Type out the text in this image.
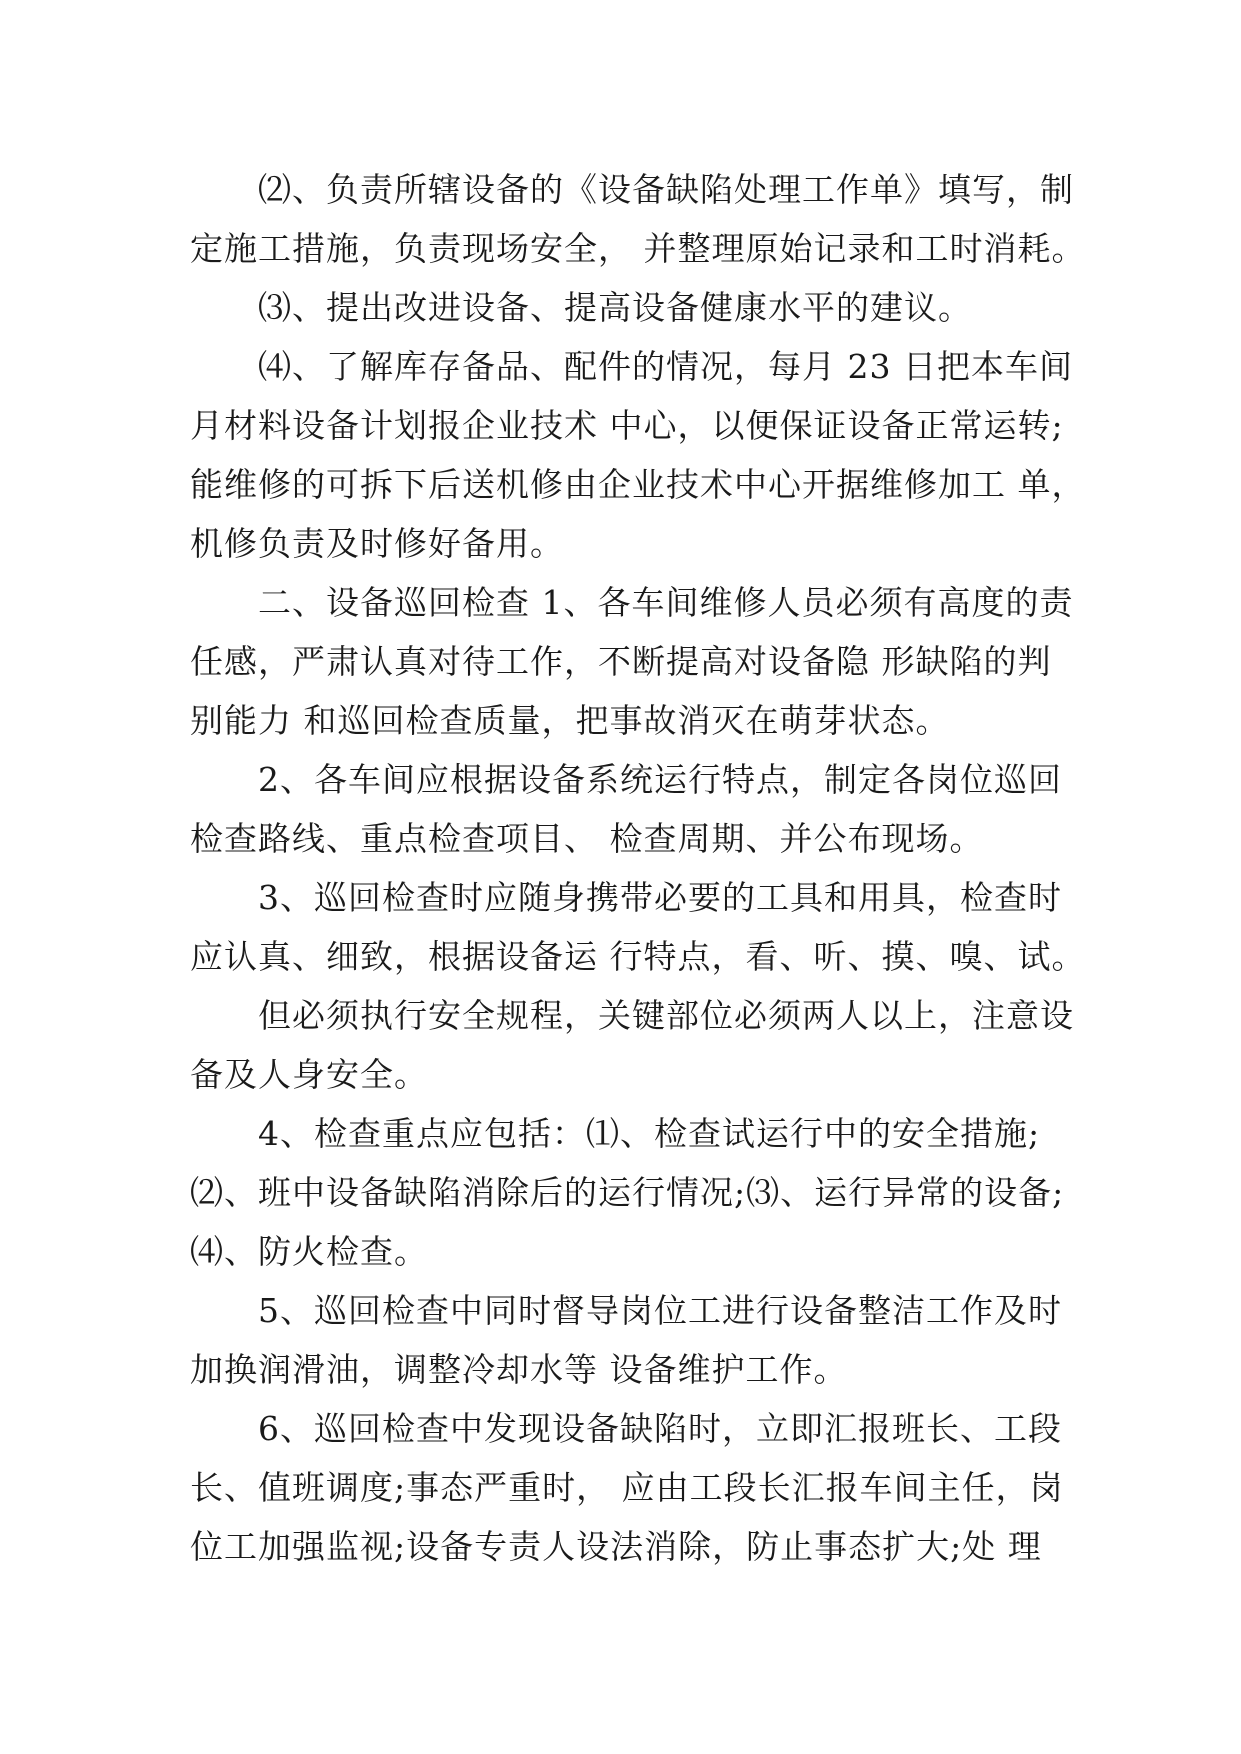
　　⑵、负责所辖设备的《设备缺陷处理工作单》填写，制
定施工措施，负责现场安全， 并整理原始记录和工时消耗。

　　⑶、提出改进设备、提高设备健康水平的建议。

　　⑷、了解库存备品、配件的情况，每月 23 日把本车间
月材料设备计划报企业技术 中心，以便保证设备正常运转;
能维修的可拆下后送机修由企业技术中心开据维修加工 单，
机修负责及时修好备用。

　　二、设备巡回检查 1、各车间维修人员必须有高度的责
任感，严肃认真对待工作，不断提高对设备隐 形缺陷的判
别能力 和巡回检查质量，把事故消灭在萌芽状态。

　　2、各车间应根据设备系统运行特点，制定各岗位巡回
检查路线、重点检查项目、 检查周期、并公布现场。

　　3、巡回检查时应随身携带必要的工具和用具，检查时
应认真、细致，根据设备运 行特点，看、听、摸、嗅、试。

　　但必须执行安全规程，关键部位必须两人以上，注意设
备及人身安全。

　　4、检查重点应包括：⑴、检查试运行中的安全措施;
⑵、班中设备缺陷消除后的运行情况;⑶、运行异常的设备;
⑷、防火检查。

　　5、巡回检查中同时督导岗位工进行设备整洁工作及时
加换润滑油，调整冷却水等 设备维护工作。

　　6、巡回检查中发现设备缺陷时，立即汇报班长、工段
长、值班调度;事态严重时， 应由工段长汇报车间主任，岗
位工加强监视;设备专责人设法消除，防止事态扩大;处 理
